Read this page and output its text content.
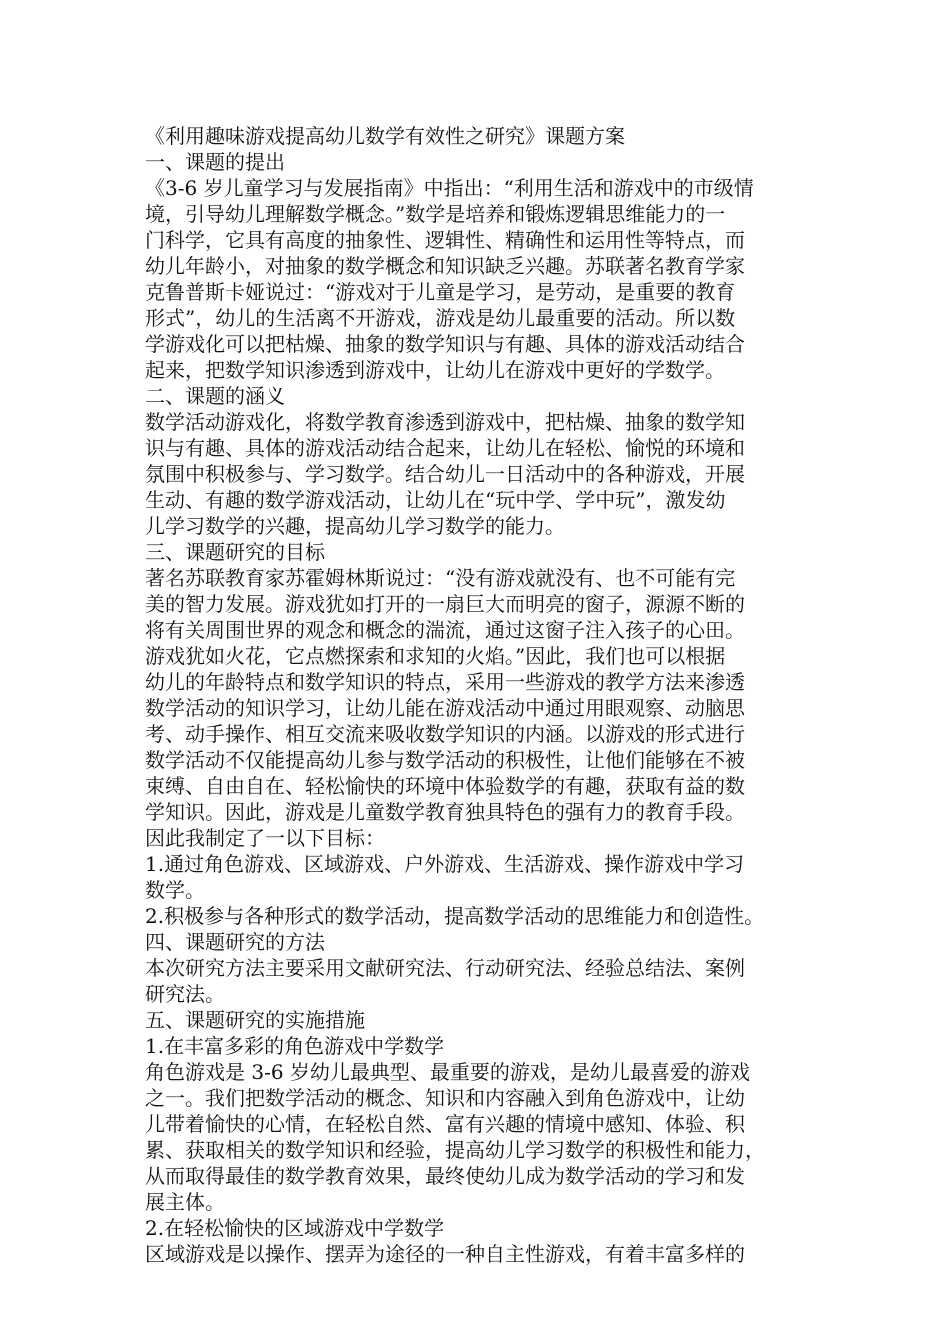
《利用趣味游戏提高幼儿数学有效性之研究》课题方案
一、课题的提出
《3-6 岁儿童学习与发展指南》中指出：“利用生活和游戏中的市级情
境，引导幼儿理解数学概念。”数学是培养和锻炼逻辑思维能力的一
门科学，它具有高度的抽象性、逻辑性、精确性和运用性等特点，而
幼儿年龄小，对抽象的数学概念和知识缺乏兴趣。苏联著名教育学家
克鲁普斯卡娅说过：“游戏对于儿童是学习，是劳动，是重要的教育
形式”，幼儿的生活离不开游戏，游戏是幼儿最重要的活动。所以数
学游戏化可以把枯燥、抽象的数学知识与有趣、具体的游戏活动结合
起来，把数学知识渗透到游戏中，让幼儿在游戏中更好的学数学。
二、课题的涵义
数学活动游戏化，将数学教育渗透到游戏中，把枯燥、抽象的数学知
识与有趣、具体的游戏活动结合起来，让幼儿在轻松、愉悦的环境和
氛围中积极参与、学习数学。结合幼儿一日活动中的各种游戏，开展
生动、有趣的数学游戏活动，让幼儿在“玩中学、学中玩”，激发幼
儿学习数学的兴趣，提高幼儿学习数学的能力。
三、课题研究的目标
著名苏联教育家苏霍姆林斯说过：“没有游戏就没有、也不可能有完
美的智力发展。游戏犹如打开的一扇巨大而明亮的窗子，源源不断的
将有关周围世界的观念和概念的湍流，通过这窗子注入孩子的心田。
游戏犹如火花，它点燃探索和求知的火焰。”因此，我们也可以根据
幼儿的年龄特点和数学知识的特点，采用一些游戏的教学方法来渗透
数学活动的知识学习，让幼儿能在游戏活动中通过用眼观察、动脑思
考、动手操作、相互交流来吸收数学知识的内涵。以游戏的形式进行
数学活动不仅能提高幼儿参与数学活动的积极性，让他们能够在不被
束缚、自由自在、轻松愉快的环境中体验数学的有趣，获取有益的数
学知识。因此，游戏是儿童数学教育独具特色的强有力的教育手段。
因此我制定了一以下目标：
1.通过角色游戏、区域游戏、户外游戏、生活游戏、操作游戏中学习
数学。
2.积极参与各种形式的数学活动，提高数学活动的思维能力和创造性。
四、课题研究的方法
本次研究方法主要采用文献研究法、行动研究法、经验总结法、案例
研究法。
五、课题研究的实施措施
1.在丰富多彩的角色游戏中学数学
角色游戏是 3-6 岁幼儿最典型、最重要的游戏，是幼儿最喜爱的游戏
之一。我们把数学活动的概念、知识和内容融入到角色游戏中，让幼
儿带着愉快的心情，在轻松自然、富有兴趣的情境中感知、体验、积
累、获取相关的数学知识和经验，提高幼儿学习数学的积极性和能力，
从而取得最佳的数学教育效果，最终使幼儿成为数学活动的学习和发
展主体。
2.在轻松愉快的区域游戏中学数学
区域游戏是以操作、摆弄为途径的一种自主性游戏，有着丰富多样的
